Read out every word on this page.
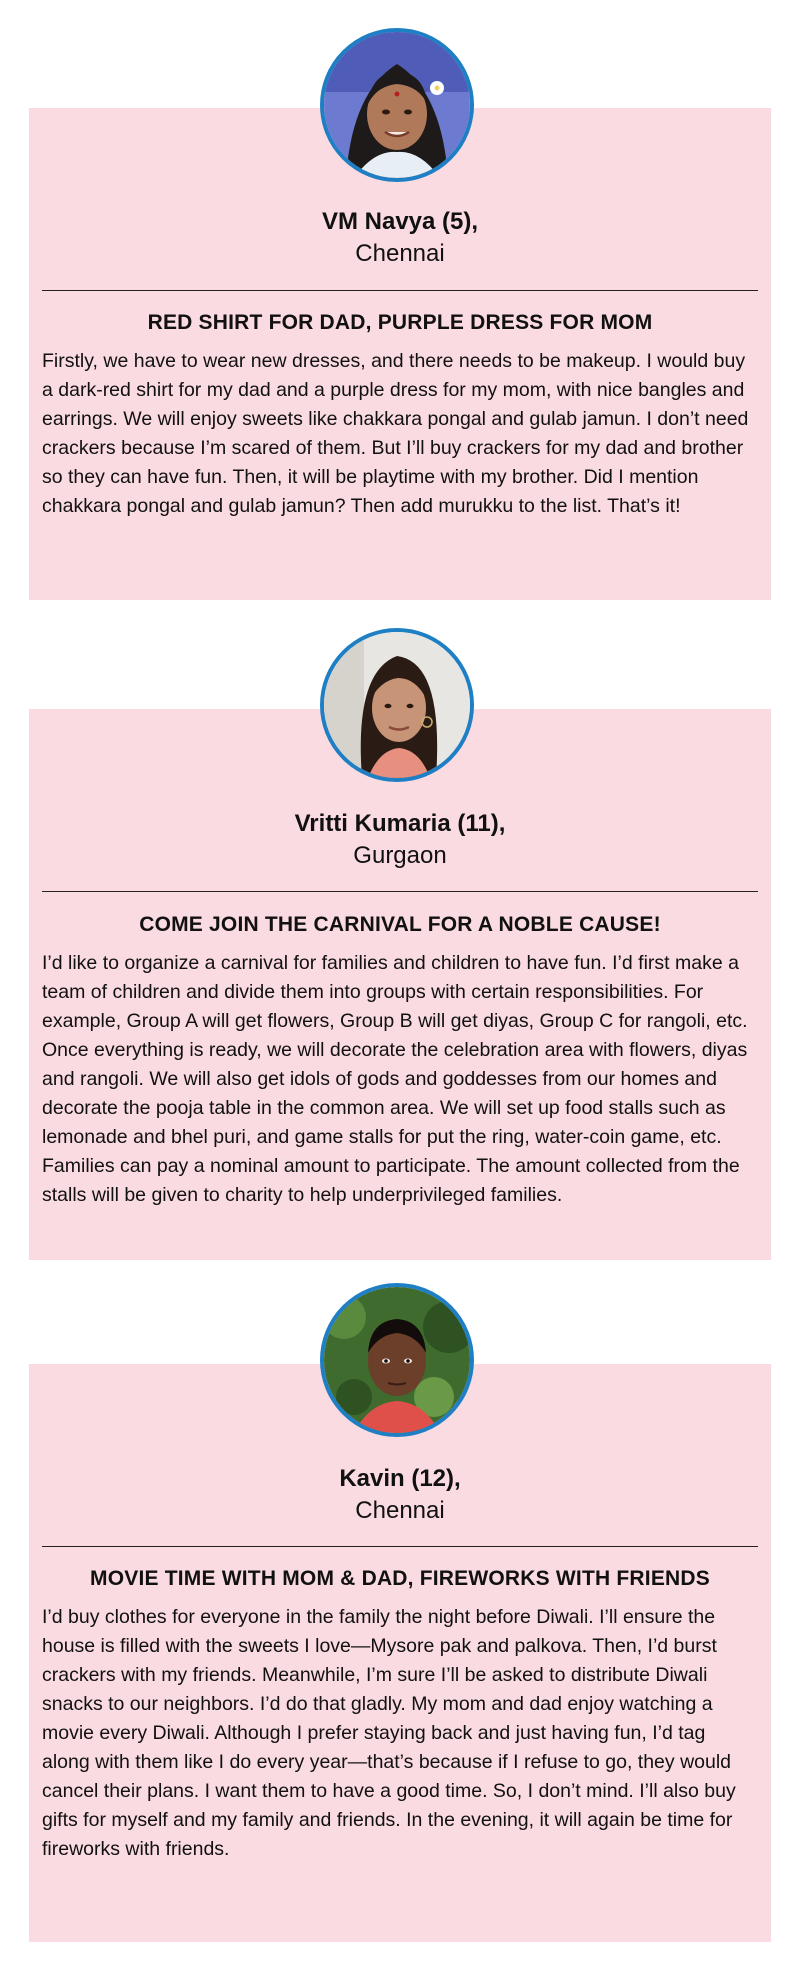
VM Navya (5),
Chennai
RED SHIRT FOR DAD, PURPLE DRESS FOR MOM

Firstly, we have to wear new dresses, and there needs to be makeup. I would buy a dark-red shirt for my dad and a purple dress for my mom, with nice bangles and earrings. We will enjoy sweets like chakkara pongal and gulab jamun. I don’t need crackers because I’m scared of them. But I’ll buy crackers for my dad and brother so they can have fun. Then, it will be playtime with my brother. Did I mention chakkara pongal and gulab jamun? Then add murukku to the list. That’s it!

Vritti Kumaria (11),
Gurgaon
COME JOIN THE CARNIVAL FOR A NOBLE CAUSE!

I’d like to organize a carnival for families and children to have fun. I’d first make a team of children and divide them into groups with certain responsibilities. For example, Group A will get flowers, Group B will get diyas, Group C for rangoli, etc. Once everything is ready, we will decorate the celebration area with flowers, diyas and rangoli. We will also get idols of gods and goddesses from our homes and decorate the pooja table in the common area. We will set up food stalls such as lemonade and bhel puri, and game stalls for put the ring, water-coin game, etc. Families can pay a nominal amount to participate. The amount collected from the stalls will be given to charity to help underprivileged families.

Kavin (12),
Chennai
MOVIE TIME WITH MOM & DAD, FIREWORKS WITH FRIENDS

I’d buy clothes for everyone in the family the night before Diwali. I’ll ensure the house is filled with the sweets I love—Mysore pak and palkova. Then, I’d burst crackers with my friends. Meanwhile, I’m sure I’ll be asked to distribute Diwali snacks to our neighbors. I’d do that gladly. My mom and dad enjoy watching a movie every Diwali. Although I prefer staying back and just having fun, I’d tag along with them like I do every year—that’s because if I refuse to go, they would cancel their plans. I want them to have a good time. So, I don’t mind. I’ll also buy gifts for myself and my family and friends. In the evening, it will again be time for fireworks with friends.
